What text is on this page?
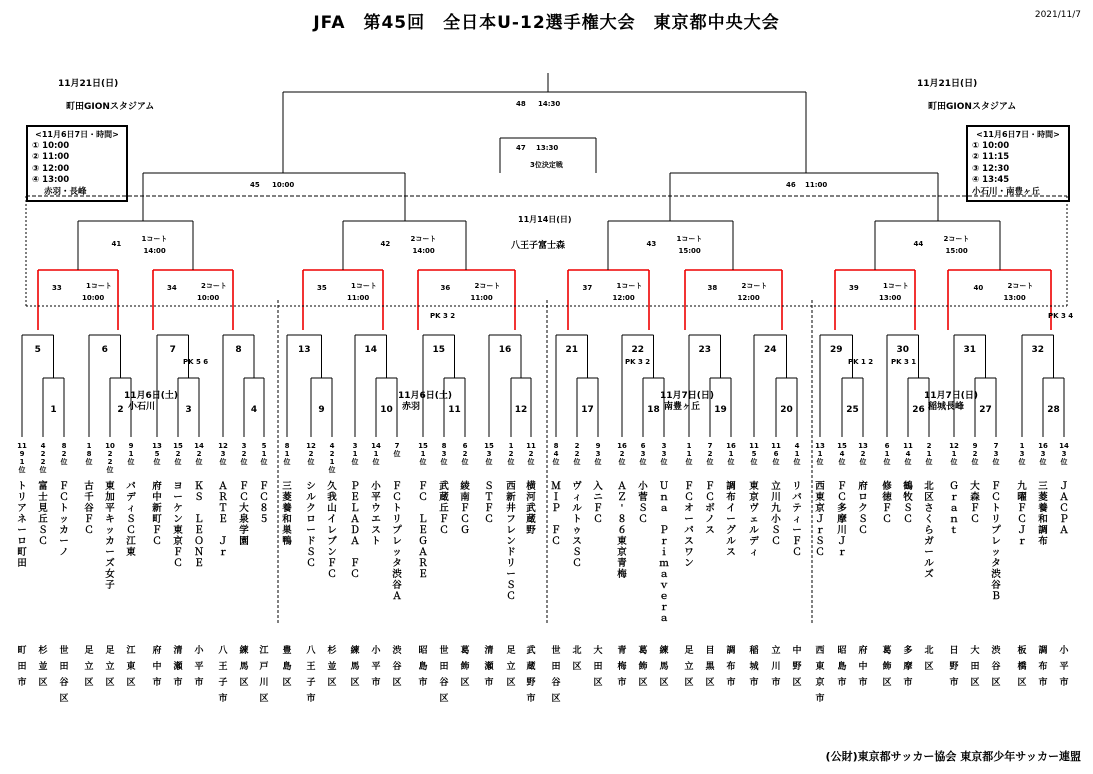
JFA　第45回　全日本U-12選手権大会　東京都中央大会	2021/11/7
(公財)東京都サッカー協会 東京都少年サッカー連盟
11月21日(日)
町田GIONスタジアム
11月21日(日)
町田GIONスタジアム
<11月6日7日・時間>
① 10:00
② 11:00
③ 12:00
④ 13:00
赤羽・長峰
<11月6日7日・時間>
① 10:00
② 11:15
③ 12:30
④ 13:45
小石川・南豊ヶ丘
11月14日(日)
八王子富士森
33	1コート
10:00
34	2コート
10:00
35	1コート
11:00
36	2コート
11:00
37	1コート
12:00
38	2コート
12:00
39	1コート
13:00
40	2コート
13:00
41
1コート
14:00
42
2コート
14:00
43
1コート
15:00
44
2コート
15:00
45 10:00	46 11:00
48 14:30
47 13:30
3位決定戦
5
1
6
2
7
3
8
4
13
9
14
10
15
11
16
12
21
17
22
18
23
19
24
20
29
25
30
26
31
27
32
28
11月6日(土)
小石川
11月6日(土)
赤羽
11月7日(日)
南豊ヶ丘
11月7日(日)
稲城長峰
PK 5 6
PK 3 2
PK 3 2	PK 1 2	PK 3 1
PK 3 4
11
9
1
位
ト
リ
ア
ネ
ー
ロ
町
田
町
田
市
4
2
2
位
富
士
見
丘
Ｓ
Ｃ
杉
並
区
8
2
位
Ｆ
Ｃ
ト
ッ
カ
ー
ノ
世
田
谷
区
1
8
位
古
千
谷
Ｆ
Ｃ
足
立
区
10
2
2
位
東
加
平
キ
ッ
カ
ー
ズ
女
子
足
立
区
9
1
位
パ
デ
ィ
Ｓ
Ｃ
江
東
江
東
区
13
5
位
府
中
新
町
Ｆ
Ｃ
府
中
市
15
2
位
ヨ
ー
ケ
ン
東
京
Ｆ
Ｃ
清
瀬
市
14
2
位
Ｋ
Ｓ

Ｌ
Ｅ
Ｏ
Ｎ
Ｅ
小
平
市
12
3
位
Ａ
Ｒ
Ｔ
Ｅ

Ｊ
ｒ
八
王
子
市
3
2
位
Ｆ
Ｃ
大
泉
学
園
練
馬
区
5
1
位
Ｆ
Ｃ
８
５
江
戸
川
区
8
1
位
三
菱
養
和
巣
鴨
豊
島
区
12
2
位
シ
ル
ク
ロ
ー
ド
Ｓ
Ｃ
八
王
子
市
4
2
1
位
久
我
山
イ
レ
ブ
ン
Ｆ
Ｃ
杉
並
区
3
1
位
Ｐ
Ｅ
Ｌ
Ａ
Ｄ
Ａ

Ｆ
Ｃ
練
馬
区
14
1
位
小
平
ウ
エ
ス
ト
小
平
市
7
位
Ｆ
Ｃ
ト
リ
プ
レ
ッ
タ
渋
谷
Ａ
渋
谷
区
15
1
位
Ｆ
Ｃ

Ｌ
Ｅ
Ｇ
Ａ
Ｒ
Ｅ
昭
島
市
8
3
位
武
蔵
丘
Ｆ
Ｃ
世
田
谷
区
6
2
位
綾
南
Ｆ
Ｃ
Ｇ
葛
飾
区
15
3
位
Ｓ
Ｔ
Ｆ
Ｃ
清
瀬
市
1
2
位
西
新
井
フ
レ
ン
ド
リ
ー
Ｓ
Ｃ
足
立
区
11
2
位
横
河
武
蔵
野
武
蔵
野
市
8
4
位
Ｍ
Ｉ
Ｐ

Ｆ
Ｃ
世
田
谷
区
2
2
位
ヴ
ィ
ル
ト
ゥ
ス
Ｓ
Ｃ
北
区
9
3
位
入
ニ
Ｆ
Ｃ
大
田
区
16
2
位
Ａ
Ｚ
'
８
６
東
京
青
梅
青
梅
市
6
3
位
小
菅
Ｓ
Ｃ
葛
飾
区
3
3
位
Ｕ
ｎ
ａ

Ｐ
ｒ
ｉ
ｍ
ａ
ｖ
ｅ
ｒ
ａ
練
馬
区
1
1
位
Ｆ
Ｃ
オ
ー
パ
ス
ワ
ン
足
立
区
7
2
位
Ｆ
Ｃ
ボ
ノ
ス
目
黒
区
16
1
位
調
布
イ
ー
グ
ル
ス
調
布
市
11
5
位
東
京
ヴ
ェ
ル
デ
ィ
稲
城
市
11
6
位
立
川
九
小
Ｓ
Ｃ
立
川
市
4
1
位
リ
バ
テ
ィ
ー
Ｆ
Ｃ
中
野
区
13
1
位
西
東
京
Ｊ
ｒ
Ｓ
Ｃ
西
東
京
市
15
4
位
Ｆ
Ｃ
多
摩
川
Ｊ
ｒ
昭
島
市
13
2
位
府
ロ
ク
Ｓ
Ｃ
府
中
市
6
1
位
修
徳
Ｆ
Ｃ
葛
飾
区
11
4
位
鶴
牧
Ｓ
Ｃ
多
摩
市
2
1
位
北
区
さ
く
ら
ガ
ー
ル
ズ
北
区
12
1
位
Ｇ
ｒ
ａ
ｎ
ｔ
日
野
市
9
2
位
大
森
Ｆ
Ｃ
大
田
区
7
3
位
Ｆ
Ｃ
ト
リ
プ
レ
ッ
タ
渋
谷
Ｂ
渋
谷
区
1
3
位
九
曜
Ｆ
Ｃ
Ｊ
ｒ
板
橋
区
16
3
位
三
菱
養
和
調
布
調
布
市
14
3
位
Ｊ
Ａ
Ｃ
Ｐ
Ａ
小
平
市
